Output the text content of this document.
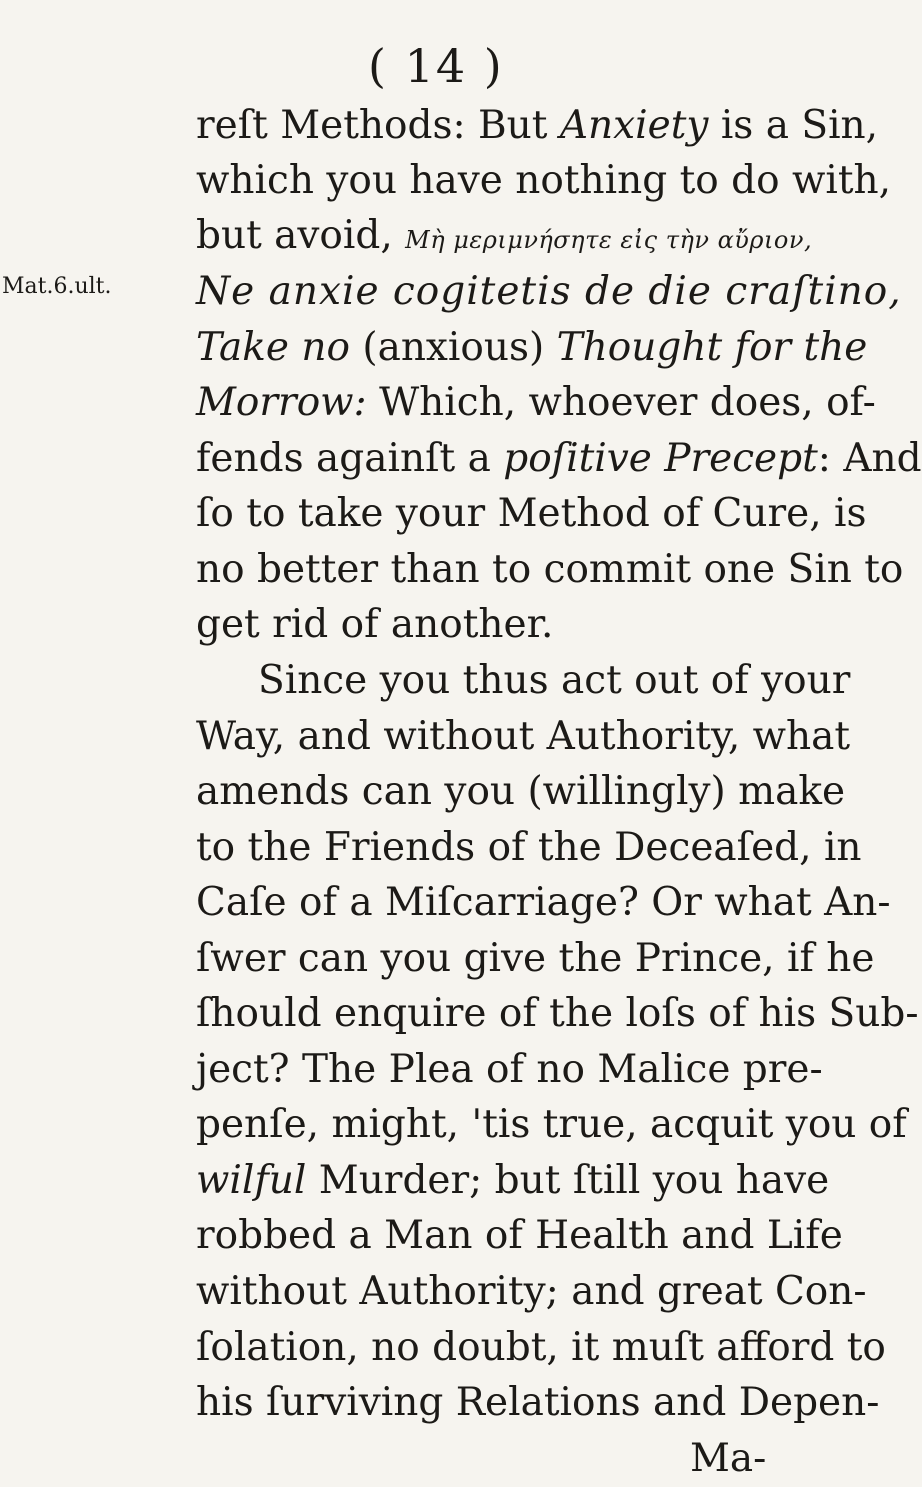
( 14 )
Mat.6.ult.
reſt Methods: But Anxiety is a Sin,
which you have nothing to do with,
but avoid, Μὴ μεριμνήσητε εἰς τὴν αὔριον,
Ne anxie cogitetis de die craſtino,
Take no (anxious) Thought for the
Morrow: Which, whoever does, of-
fends againſt a poſitive Precept: And
ſo to take your Method of Cure, is
no better than to commit one Sin to
get rid of another.
Since you thus act out of your
Way, and without Authority, what
amends can you (willingly) make
to the Friends of the Deceaſed, in
Caſe of a Miſcarriage? Or what An-
ſwer can you give the Prince, if he
ſhould enquire of the loſs of his Sub-
ject? The Plea of no Malice pre-
penſe, might, 'tis true, acquit you of
wilful Murder; but ſtill you have
robbed a Man of Health and Life
without Authority; and great Con-
ſolation, no doubt, it muſt afford to
his ſurviving Relations and Depen-
Ma-
